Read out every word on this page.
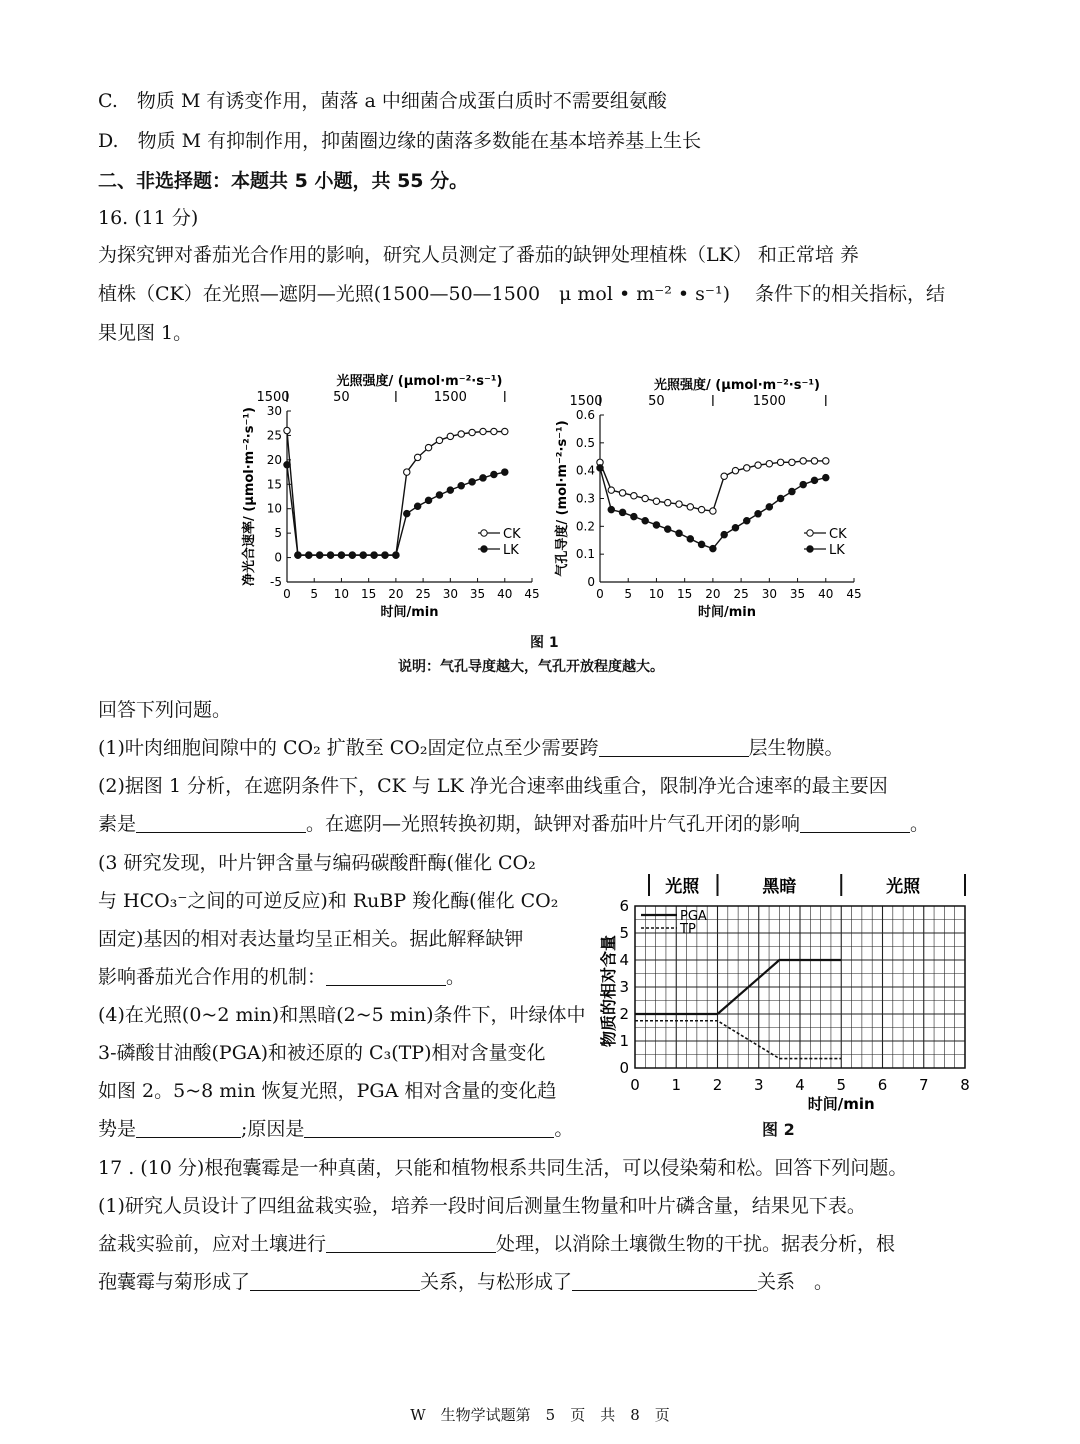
C.　物质 M 有诱变作用，菌落 a 中细菌合成蛋白质时不需要组氨酸
D.　物质 M 有抑制作用，抑菌圈边缘的菌落多数能在基本培养基上生长
二、非选择题：本题共 5 小题，共 55 分。
16. (11 分)
为探究钾对番茄光合作用的影响，研究人员测定了番茄的缺钾处理植株（LK） 和正常培 养
植株（CK）在光照—遮阴—光照(1500—50—1500　μ mol • m⁻² • s⁻¹)　 条件下的相关指标，结
果见图 1。
-5
0
5
10
15
20
25
30
0 5 10 15 20 25 30 35 40 45
时间/min
净光合速率/ (μmol·m⁻²·s⁻¹)
光照强度/ (μmol·m⁻²·s⁻¹)
1500	50	1500
CK
LK
0
0.1
0.2
0.3
0.4
0.5
0.6
0 5 10 15 20 25 30 35 40 45
时间/min
气孔导度/ (mol·m⁻²·s⁻¹)
光照强度/ (μmol·m⁻²·s⁻¹)
1500	50	1500
CK
LK
图 1
说明：气孔导度越大，气孔开放程度越大。
回答下列问题。
(1)叶肉细胞间隙中的 CO₂ 扩散至 CO₂固定位点至少需要跨	层生物膜。
(2)据图 1 分析，在遮阴条件下，CK 与 LK 净光合速率曲线重合，限制净光合速率的最主要因
素是	。在遮阴—光照转换初期，缺钾对番茄叶片气孔开闭的影响	。
(3 研究发现，叶片钾含量与编码碳酸酐酶(催化 CO₂
与 HCO₃⁻之间的可逆反应)和 RuBP 羧化酶(催化 CO₂
固定)基因的相对表达量均呈正相关。据此解释缺钾
影响番茄光合作用的机制：	。
(4)在光照(0~2 min)和黑暗(2~5 min)条件下，叶绿体中
3-磷酸甘油酸(PGA)和被还原的 C₃(TP)相对含量变化
如图 2。5~8 min 恢复光照，PGA 相对含量的变化趋
势是	;原因是	。
0
1
2
3
4
5
6
0 1 2 3 4 5 6 7 8
时间/min
物质的相对含量
光照	黑暗	光照
PGA
TP
图 2
17 . (10 分)根孢囊霉是一种真菌，只能和植物根系共同生活，可以侵染菊和松。回答下列问题。
(1)研究人员设计了四组盆栽实验，培养一段时间后测量生物量和叶片磷含量，结果见下表。
盆栽实验前，应对土壤进行	处理，以消除土壤微生物的干扰。据表分析，根
孢囊霉与菊形成了	关系，与松形成了	关系　。
W　生物学试题第　5　页　共　8　页
